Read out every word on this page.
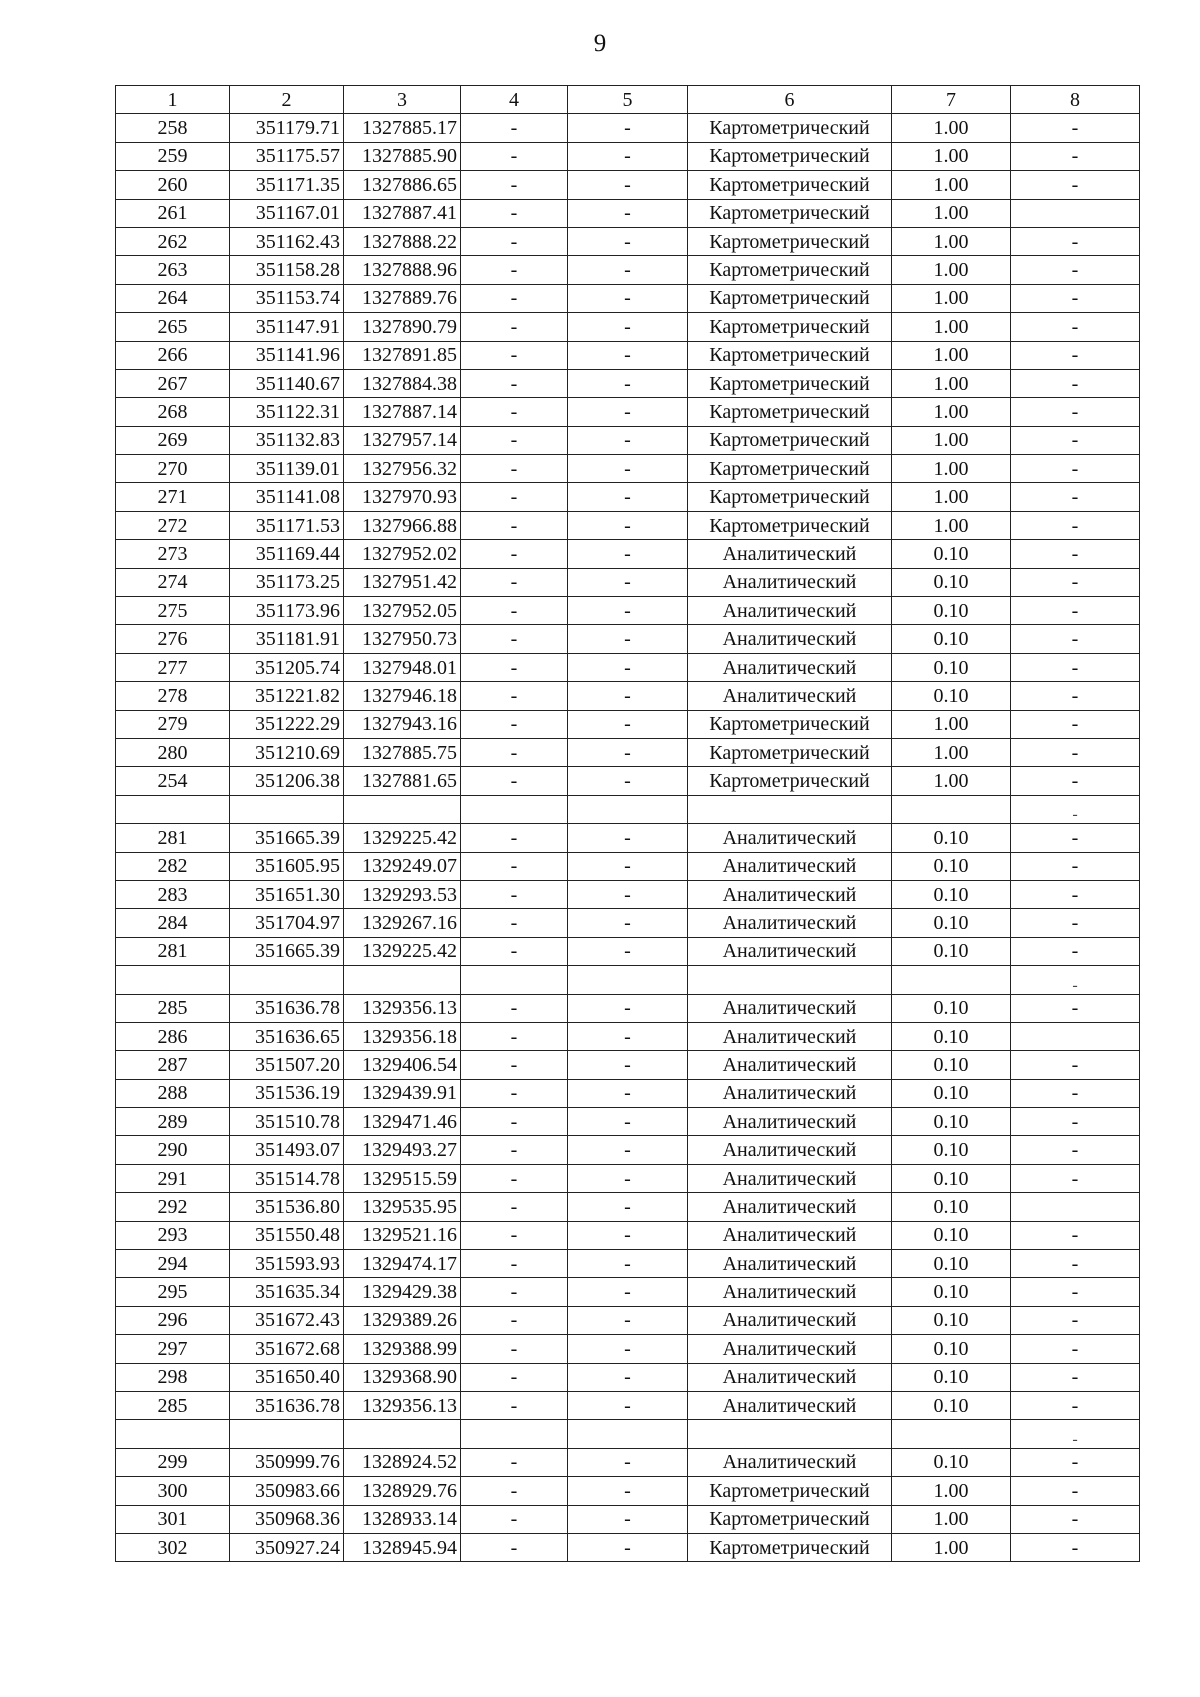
9
1	2	3	4	5	6	7	8
258	351179.71	1327885.17	-	-	Картометрический	1.00	-
259	351175.57	1327885.90	-	-	Картометрический	1.00	-
260	351171.35	1327886.65	-	-	Картометрический	1.00	-
261	351167.01	1327887.41	-	-	Картометрический	1.00	
262	351162.43	1327888.22	-	-	Картометрический	1.00	-
263	351158.28	1327888.96	-	-	Картометрический	1.00	-
264	351153.74	1327889.76	-	-	Картометрический	1.00	-
265	351147.91	1327890.79	-	-	Картометрический	1.00	-
266	351141.96	1327891.85	-	-	Картометрический	1.00	-
267	351140.67	1327884.38	-	-	Картометрический	1.00	-
268	351122.31	1327887.14	-	-	Картометрический	1.00	-
269	351132.83	1327957.14	-	-	Картометрический	1.00	-
270	351139.01	1327956.32	-	-	Картометрический	1.00	-
271	351141.08	1327970.93	-	-	Картометрический	1.00	-
272	351171.53	1327966.88	-	-	Картометрический	1.00	-
273	351169.44	1327952.02	-	-	Аналитический	0.10	-
274	351173.25	1327951.42	-	-	Аналитический	0.10	-
275	351173.96	1327952.05	-	-	Аналитический	0.10	-
276	351181.91	1327950.73	-	-	Аналитический	0.10	-
277	351205.74	1327948.01	-	-	Аналитический	0.10	-
278	351221.82	1327946.18	-	-	Аналитический	0.10	-
279	351222.29	1327943.16	-	-	Картометрический	1.00	-
280	351210.69	1327885.75	-	-	Картометрический	1.00	-
254	351206.38	1327881.65	-	-	Картометрический	1.00	-
							-
281	351665.39	1329225.42	-	-	Аналитический	0.10	-
282	351605.95	1329249.07	-	-	Аналитический	0.10	-
283	351651.30	1329293.53	-	-	Аналитический	0.10	-
284	351704.97	1329267.16	-	-	Аналитический	0.10	-
281	351665.39	1329225.42	-	-	Аналитический	0.10	-
							-
285	351636.78	1329356.13	-	-	Аналитический	0.10	-
286	351636.65	1329356.18	-	-	Аналитический	0.10	
287	351507.20	1329406.54	-	-	Аналитический	0.10	-
288	351536.19	1329439.91	-	-	Аналитический	0.10	-
289	351510.78	1329471.46	-	-	Аналитический	0.10	-
290	351493.07	1329493.27	-	-	Аналитический	0.10	-
291	351514.78	1329515.59	-	-	Аналитический	0.10	-
292	351536.80	1329535.95	-	-	Аналитический	0.10	
293	351550.48	1329521.16	-	-	Аналитический	0.10	-
294	351593.93	1329474.17	-	-	Аналитический	0.10	-
295	351635.34	1329429.38	-	-	Аналитический	0.10	-
296	351672.43	1329389.26	-	-	Аналитический	0.10	-
297	351672.68	1329388.99	-	-	Аналитический	0.10	-
298	351650.40	1329368.90	-	-	Аналитический	0.10	-
285	351636.78	1329356.13	-	-	Аналитический	0.10	-
							-
299	350999.76	1328924.52	-	-	Аналитический	0.10	-
300	350983.66	1328929.76	-	-	Картометрический	1.00	-
301	350968.36	1328933.14	-	-	Картометрический	1.00	-
302	350927.24	1328945.94	-	-	Картометрический	1.00	-
